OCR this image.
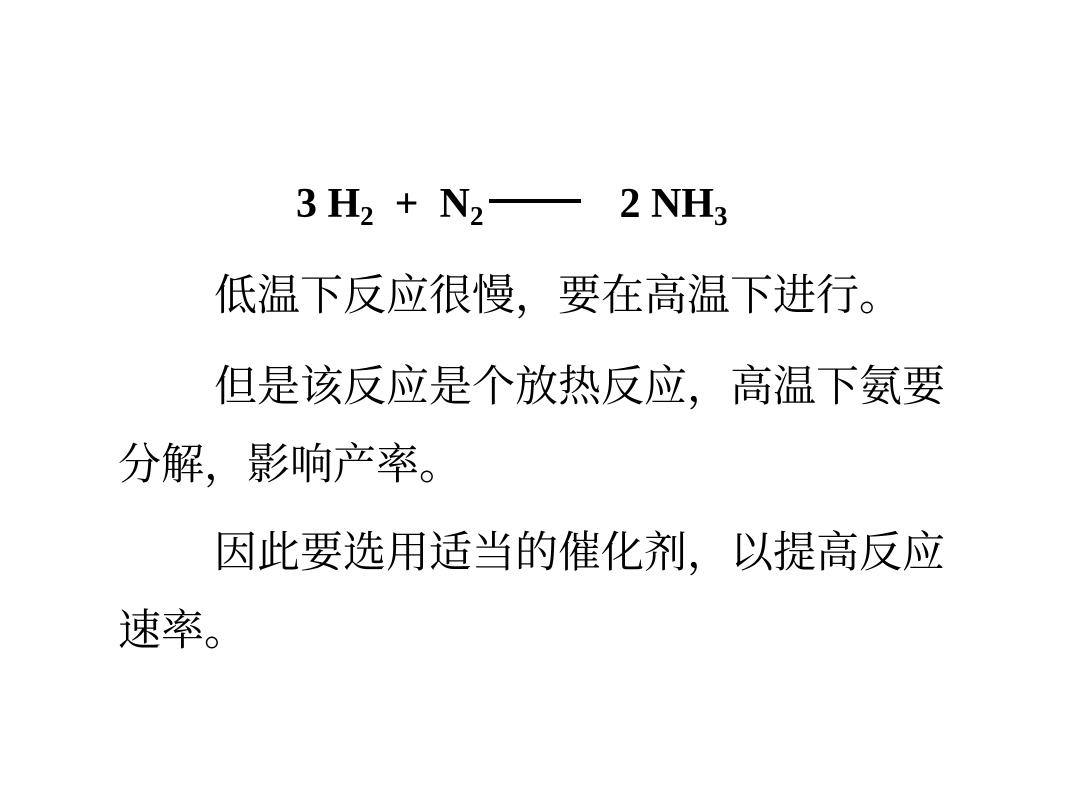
3 $H_2 + N_2$	2 $NH_3$

低温下反应很慢，要在高温下进行。

但是该反应是个放热反应，高温下氨要分解，影响产率。

因此要选用适当的催化剂，以提高反应速率。
